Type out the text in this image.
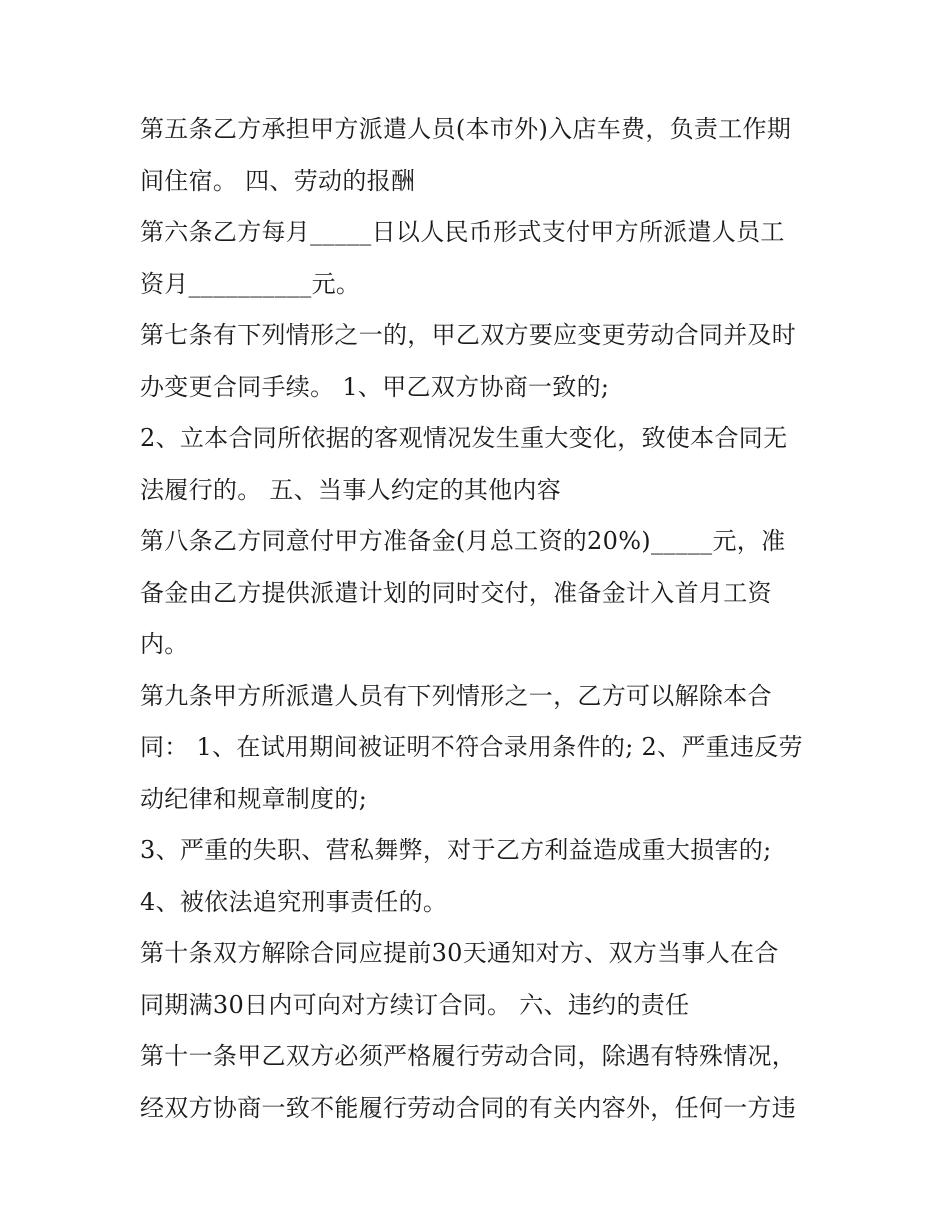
第五条乙方承担甲方派遣人员(本市外)入店车费，负责工作期
间住宿。 四、劳动的报酬
第六条乙方每月_____日以人民币形式支付甲方所派遣人员工
资月__________元。
第七条有下列情形之一的，甲乙双方要应变更劳动合同并及时
办变更合同手续。 1、甲乙双方协商一致的;
2、立本合同所依据的客观情况发生重大变化，致使本合同无
法履行的。 五、当事人约定的其他内容
第八条乙方同意付甲方准备金(月总工资的20%)_____元，准
备金由乙方提供派遣计划的同时交付，准备金计入首月工资
内。
第九条甲方所派遣人员有下列情形之一，乙方可以解除本合
同： 1、在试用期间被证明不符合录用条件的; 2、严重违反劳
动纪律和规章制度的;
3、严重的失职、营私舞弊，对于乙方利益造成重大损害的;
4、被依法追究刑事责任的。
第十条双方解除合同应提前30天通知对方、双方当事人在合
同期满30日内可向对方续订合同。 六、违约的责任
第十一条甲乙双方必须严格履行劳动合同，除遇有特殊情况，
经双方协商一致不能履行劳动合同的有关内容外，任何一方违
